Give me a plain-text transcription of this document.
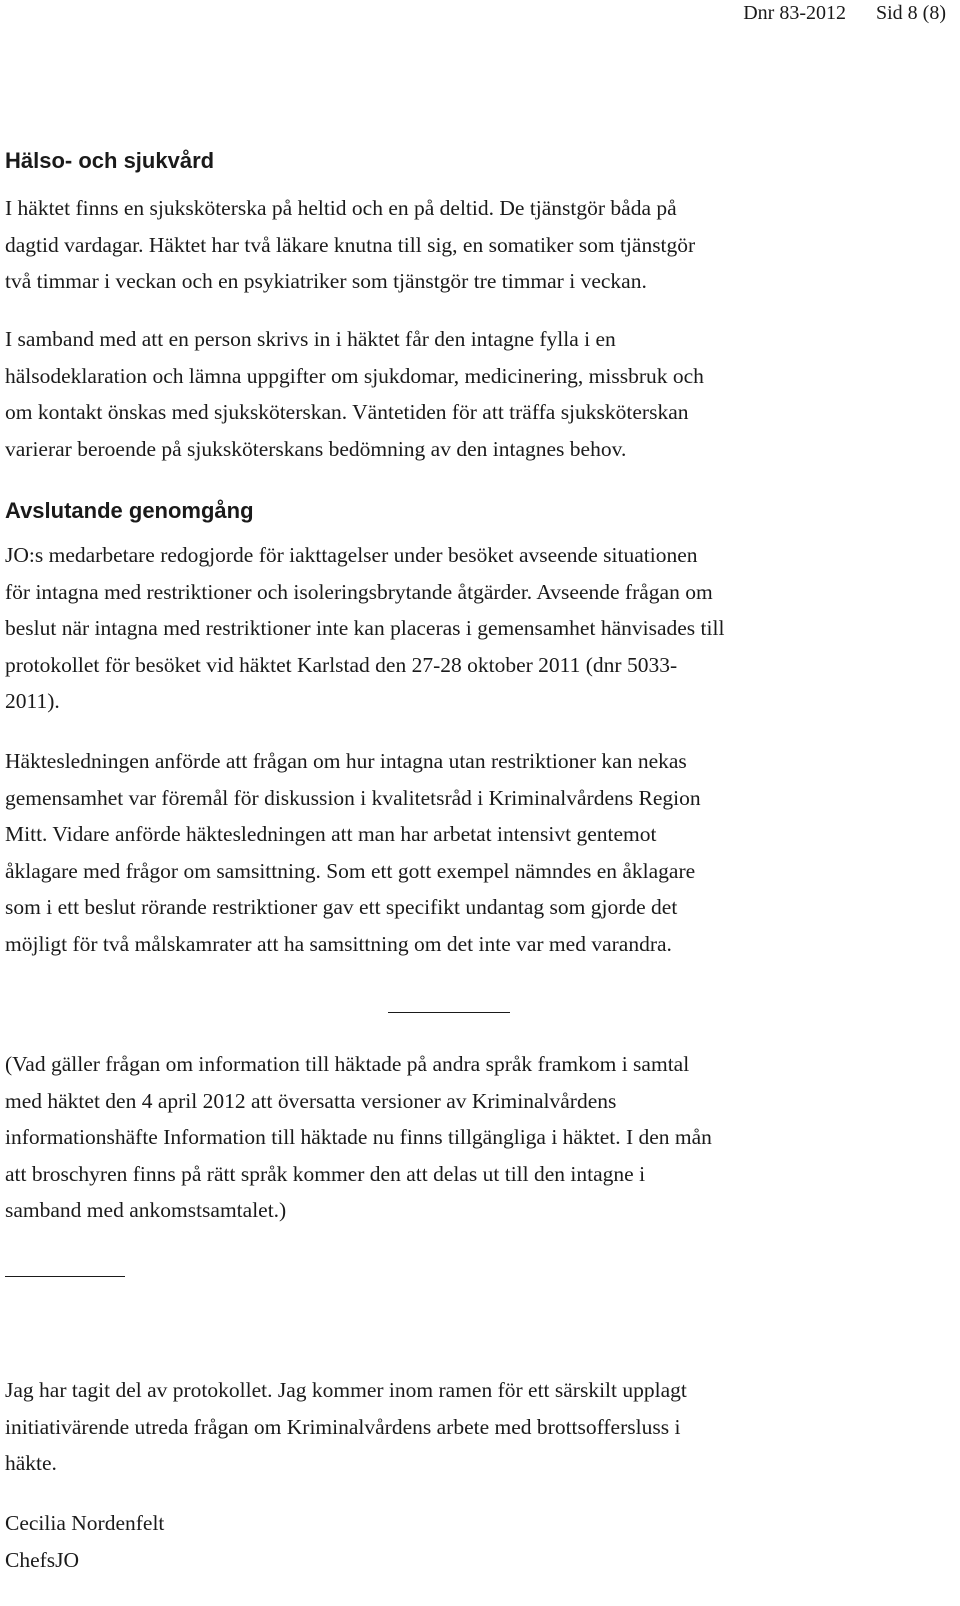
Dnr 83-2012 Sid 8 (8)
Hälso- och sjukvård

I häktet finns en sjuksköterska på heltid och en på deltid. De tjänstgör båda på
dagtid vardagar. Häktet har två läkare knutna till sig, en somatiker som tjänstgör
två timmar i veckan och en psykiatriker som tjänstgör tre timmar i veckan.

I samband med att en person skrivs in i häktet får den intagne fylla i en
hälsodeklaration och lämna uppgifter om sjukdomar, medicinering, missbruk och
om kontakt önskas med sjuksköterskan. Väntetiden för att träffa sjuksköterskan
varierar beroende på sjuksköterskans bedömning av den intagnes behov.

Avslutande genomgång

JO:s medarbetare redogjorde för iakttagelser under besöket avseende situationen
för intagna med restriktioner och isoleringsbrytande åtgärder. Avseende frågan om
beslut när intagna med restriktioner inte kan placeras i gemensamhet hänvisades till
protokollet för besöket vid häktet Karlstad den 27-28 oktober 2011 (dnr 5033-
2011).

Häktesledningen anförde att frågan om hur intagna utan restriktioner kan nekas
gemensamhet var föremål för diskussion i kvalitetsråd i Kriminalvårdens Region
Mitt. Vidare anförde häktesledningen att man har arbetat intensivt gentemot
åklagare med frågor om samsittning. Som ett gott exempel nämndes en åklagare
som i ett beslut rörande restriktioner gav ett specifikt undantag som gjorde det
möjligt för två målskamrater att ha samsittning om det inte var med varandra.

(Vad gäller frågan om information till häktade på andra språk framkom i samtal
med häktet den 4 april 2012 att översatta versioner av Kriminalvårdens
informationshäfte Information till häktade nu finns tillgängliga i häktet. I den mån
att broschyren finns på rätt språk kommer den att delas ut till den intagne i
samband med ankomstsamtalet.)

Jag har tagit del av protokollet. Jag kommer inom ramen för ett särskilt upplagt
initiativärende utreda frågan om Kriminalvårdens arbete med brottsoffersluss i
häkte.

Cecilia Nordenfelt
ChefsJO
